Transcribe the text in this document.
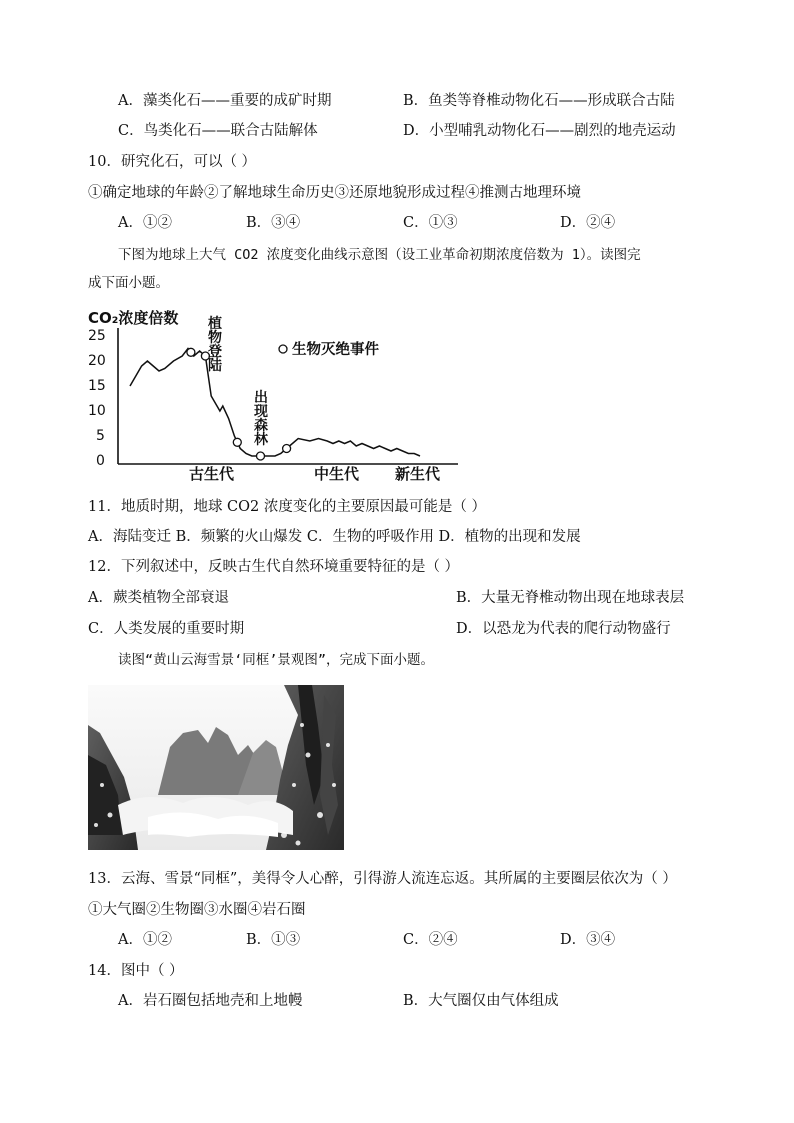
A．藻类化石——重要的成矿时期	B．鱼类等脊椎动物化石——形成联合古陆
C．鸟类化石——联合古陆解体	D．小型哺乳动物化石——剧烈的地壳运动
10．研究化石，可以（ ）
①确定地球的年龄②了解地球生命历史③还原地貌形成过程④推测古地理环境
A．①②	B．③④	C．①③	D．②④
下图为地球上大气 CO2 浓度变化曲线示意图（设工业革命初期浓度倍数为 1）。读图完
成下面小题。
CO₂浓度倍数
25
20
15
10
5
0
生物灭绝事件
植
物
登
陆
出
现
森
林
古生代	中生代 新生代
11．地质时期，地球 CO2 浓度变化的主要原因最可能是（ ）
A．海陆变迁 B．频繁的火山爆发 C．生物的呼吸作用 D．植物的出现和发展
12．下列叙述中，反映古生代自然环境重要特征的是（ ）
A．蕨类植物全部衰退	B．大量无脊椎动物出现在地球表层
C．人类发展的重要时期	D．以恐龙为代表的爬行动物盛行
读图“黄山云海雪景‘同框’景观图”，完成下面小题。
13．云海、雪景“同框”，美得令人心醉，引得游人流连忘返。其所属的主要圈层依次为（ ）
①大气圈②生物圈③水圈④岩石圈
A．①②	B．①③	C．②④	D．③④
14．图中（ ）
A．岩石圈包括地壳和上地幔	B．大气圈仅由气体组成
